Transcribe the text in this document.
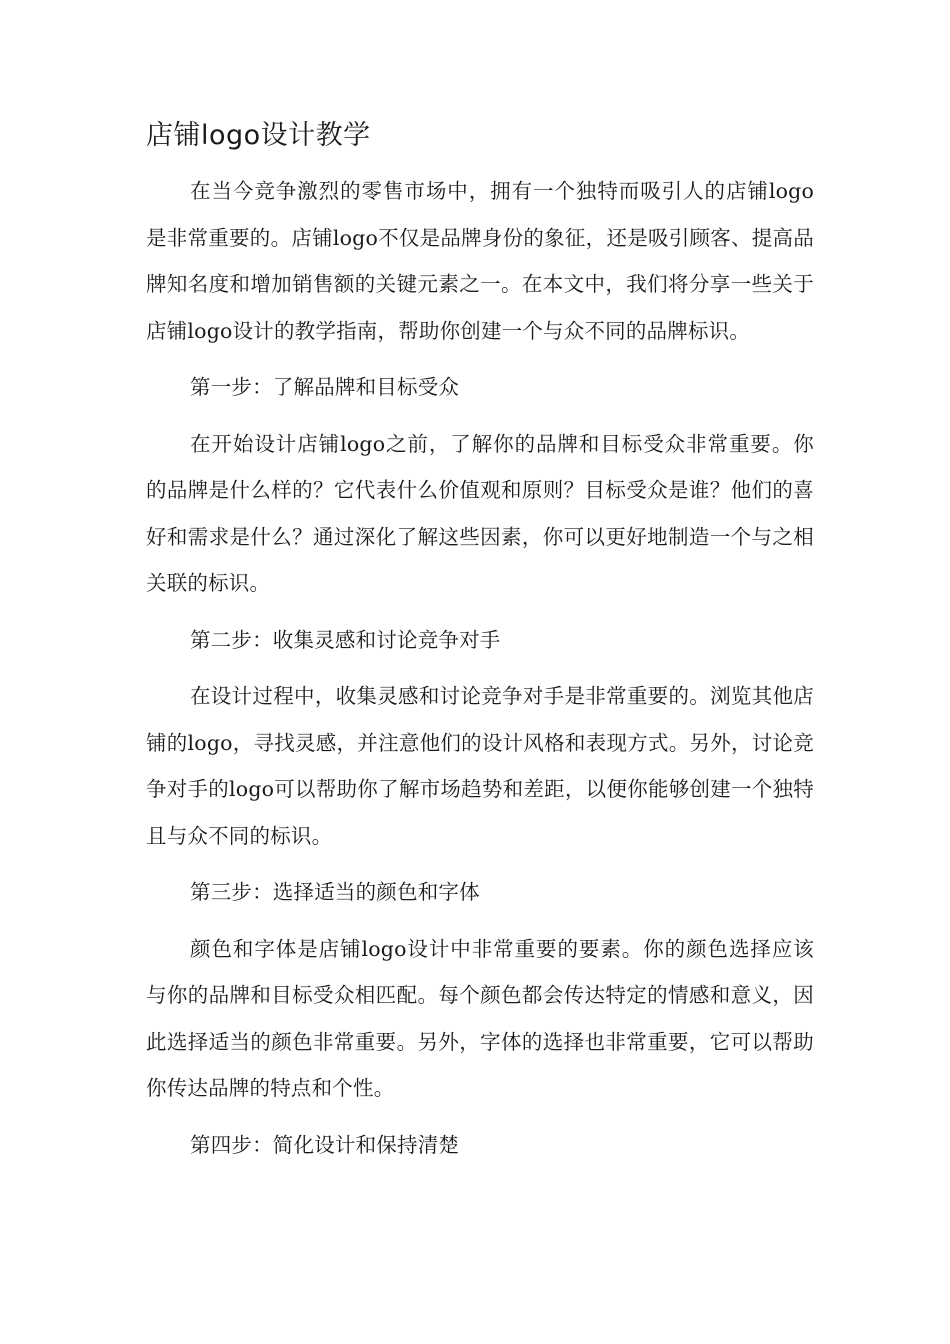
店铺logo设计教学

在当今竞争激烈的零售市场中，拥有一个独特而吸引人的店铺logo是非常重要的。店铺logo不仅是品牌身份的象征，还是吸引顾客、提高品牌知名度和增加销售额的关键元素之一。在本文中，我们将分享一些关于店铺logo设计的教学指南，帮助你创建一个与众不同的品牌标识。

第一步：了解品牌和目标受众

在开始设计店铺logo之前，了解你的品牌和目标受众非常重要。你的品牌是什么样的？它代表什么价值观和原则？目标受众是谁？他们的喜好和需求是什么？通过深化了解这些因素，你可以更好地制造一个与之相关联的标识。

第二步：收集灵感和讨论竞争对手

在设计过程中，收集灵感和讨论竞争对手是非常重要的。浏览其他店铺的logo，寻找灵感，并注意他们的设计风格和表现方式。另外，讨论竞争对手的logo可以帮助你了解市场趋势和差距，以便你能够创建一个独特且与众不同的标识。

第三步：选择适当的颜色和字体

颜色和字体是店铺logo设计中非常重要的要素。你的颜色选择应该与你的品牌和目标受众相匹配。每个颜色都会传达特定的情感和意义，因此选择适当的颜色非常重要。另外，字体的选择也非常重要，它可以帮助你传达品牌的特点和个性。

第四步：简化设计和保持清楚
